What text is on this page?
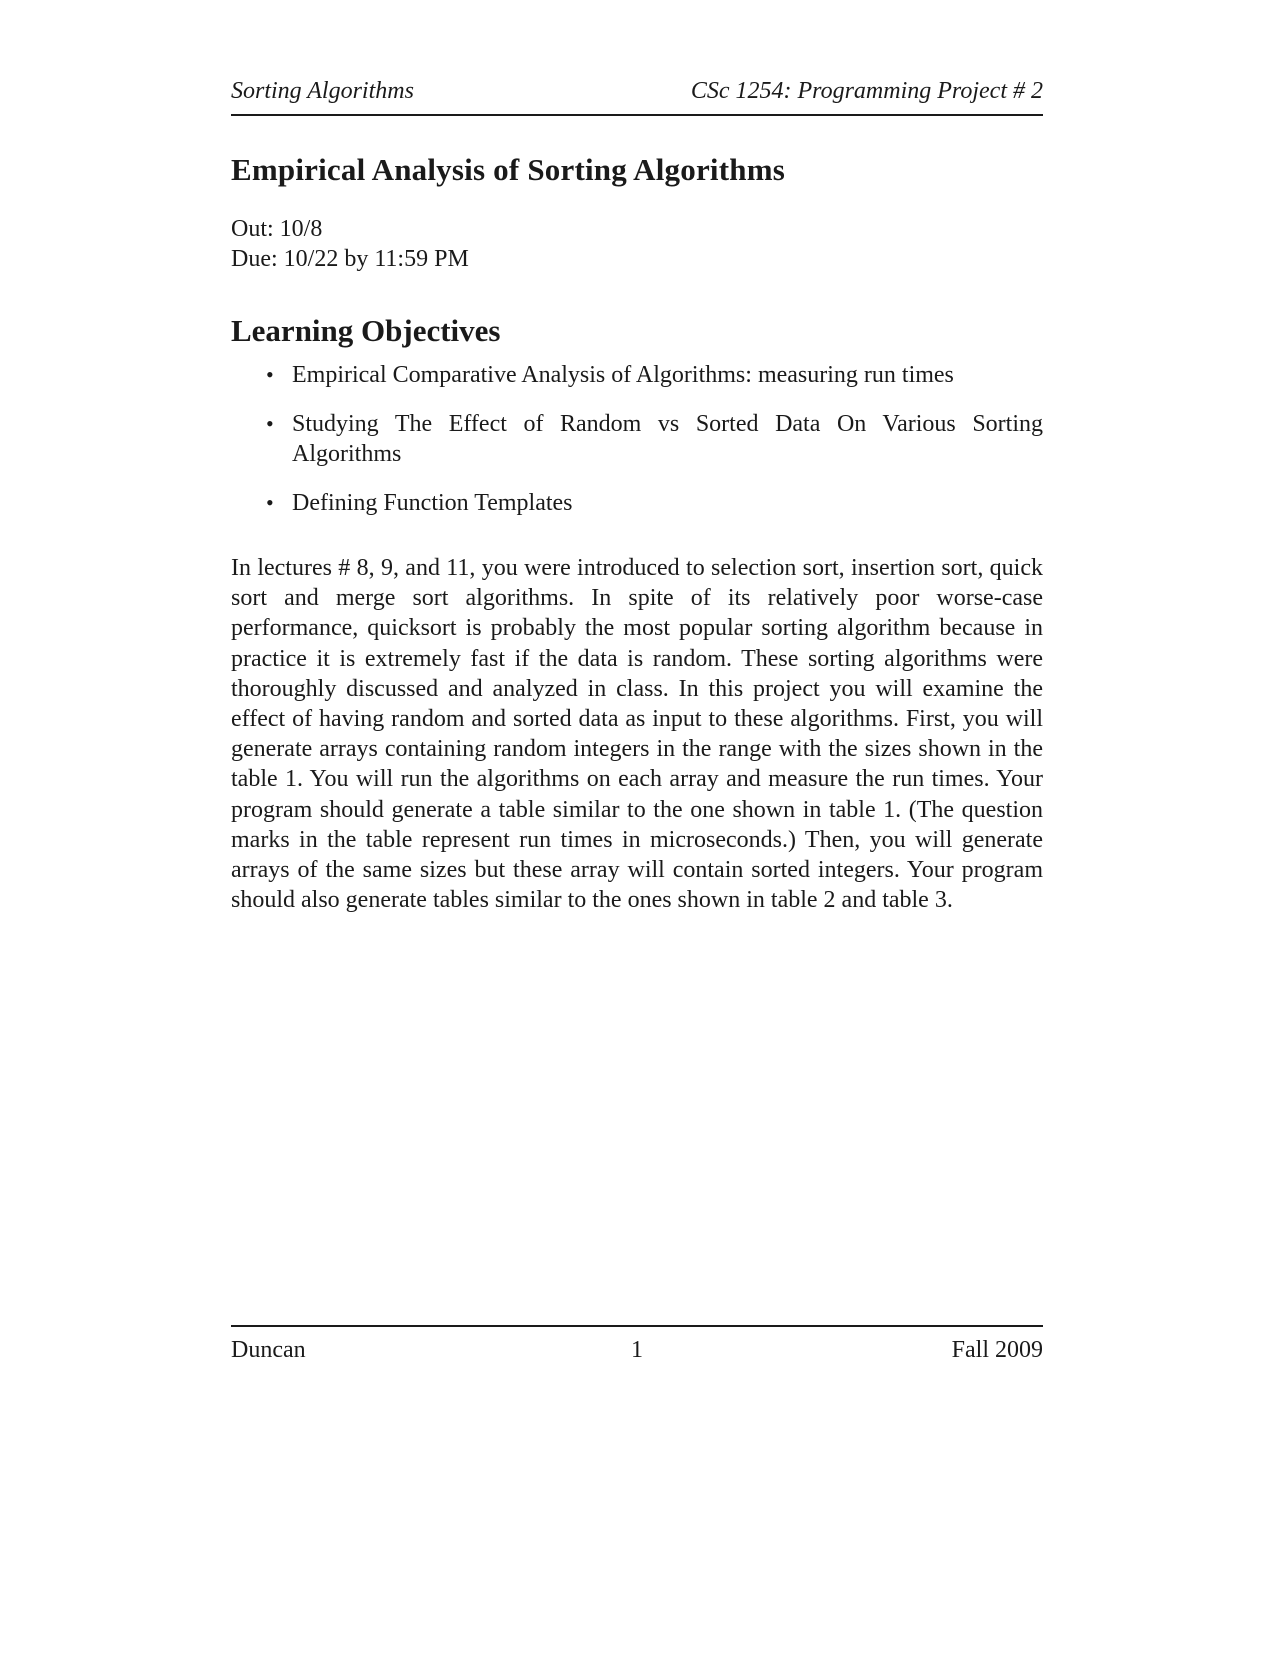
Sorting Algorithms	CSc 1254: Programming Project # 2
Empirical Analysis of Sorting Algorithms
Out: 10/8
Due: 10/22 by 11:59 PM
Learning Objectives
• Empirical Comparative Analysis of Algorithms: measuring run times
• Studying The Effect of Random vs Sorted Data On Various Sorting Algorithms
• Defining Function Templates

In lectures # 8, 9, and 11, you were introduced to selection sort, insertion sort, quick sort and merge sort algorithms. In spite of its relatively poor worse-case performance, quicksort is probably the most popular sorting algorithm because in practice it is extremely fast if the data is random. These sorting algorithms were thoroughly discussed and analyzed in class. In this project you will examine the effect of having random and sorted data as input to these algorithms. First, you will generate arrays containing random integers in the range with the sizes shown in the table 1. You will run the algorithms on each array and measure the run times. Your program should generate a table similar to the one shown in table 1. (The question marks in the table represent run times in microseconds.) Then, you will generate arrays of the same sizes but these array will contain sorted integers. Your program should also generate tables similar to the ones shown in table 2 and table 3.

Duncan	1	Fall 2009
